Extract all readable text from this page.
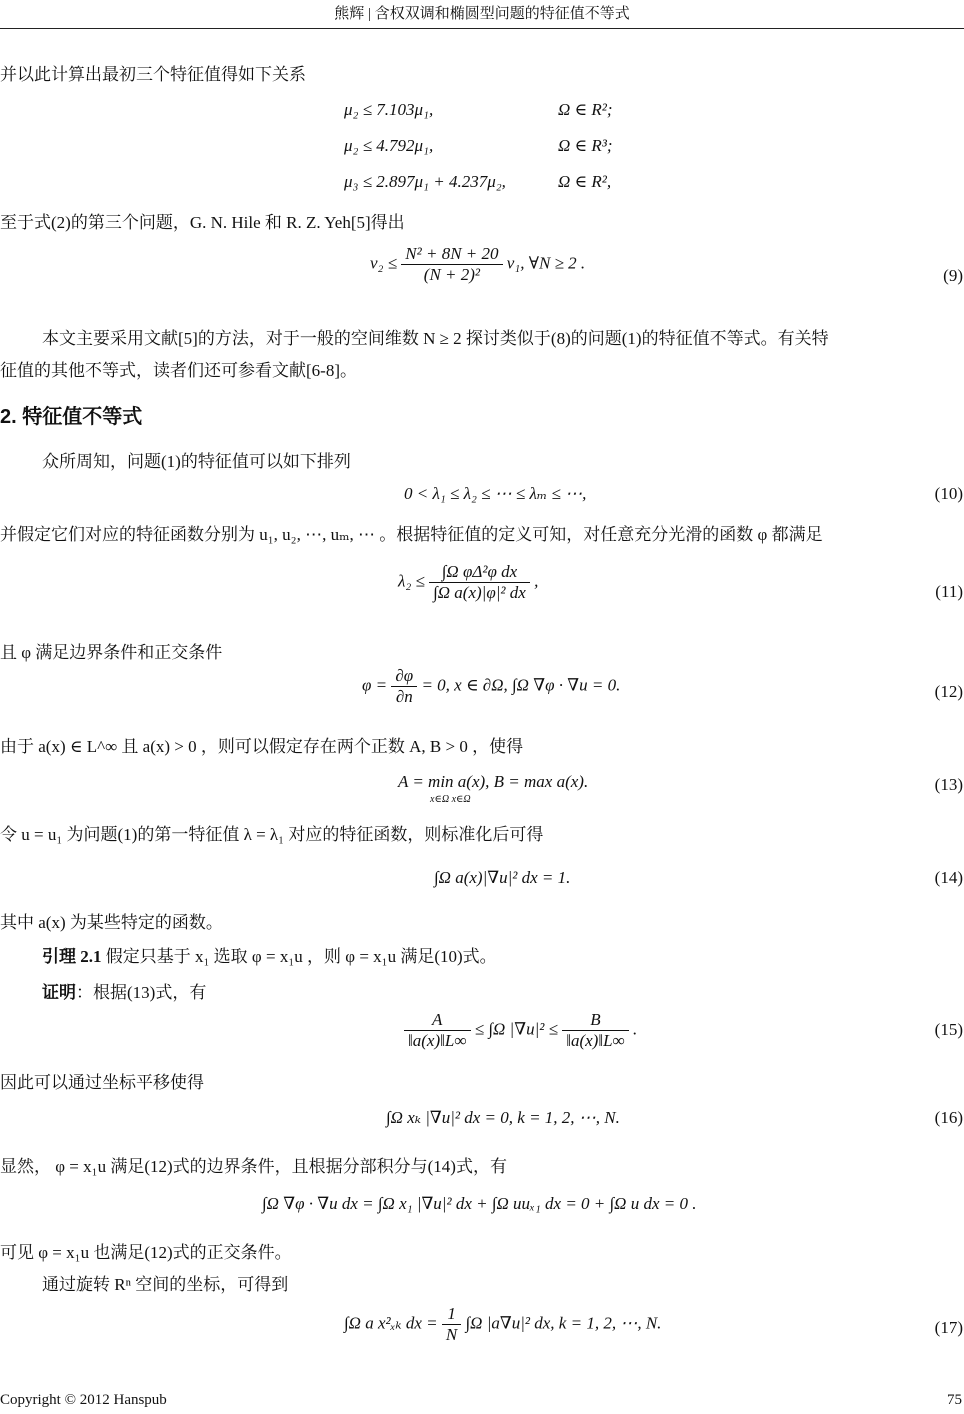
熊辉 | 含权双调和椭圆型问题的特征值不等式
并以此计算出最初三个特征值得如下关系
μ₂ ≤ 7.103μ₁,	Ω ∈ R²;
μ₂ ≤ 4.792μ₁,	Ω ∈ R³;
μ₃ ≤ 2.897μ₁ + 4.237μ₂,	Ω ∈ R²,
至于式(2)的第三个问题，G. N. Hile 和 R. Z. Yeh[5]得出
$v_2 \le \frac{\text{N² + 8N + 20}}{\text{(N + 2)²}} v_1$, ∀N ≥ 2 .
(9)
本文主要采用文献[5]的方法，对于一般的空间维数 N ≥ 2 探讨类似于(8)的问题(1)的特征值不等式。有关特
征值的其他不等式，读者们还可参看文献[6-8]。
2. 特征值不等式
众所周知，问题(1)的特征值可以如下排列
0 < λ₁ ≤ λ₂ ≤ ⋯ ≤ λₘ ≤ ⋯,	(10)
并假定它们对应的特征函数分别为 u₁, u₂, ⋯, uₘ, ⋯ 。根据特征值的定义可知，对任意充分光滑的函数 φ 都满足
$\lambda_2 \le \frac{\text{∫Ω φΔ²φ dx}}{\text{∫Ω a(x)|φ|² dx}}$ ,
(11)
且 φ 满足边界条件和正交条件
$\varphi = \frac{\partial\varphi}{\partial n} = 0$, x ∈ ∂Ω, ∫Ω ∇φ · ∇u = 0.	(12)
由于 a(x) ∈ L^∞ 且 a(x) > 0 ，则可以假定存在两个正数 A, B > 0 ，使得
A = min a(x), B = max a(x).
x∈Ω x∈Ω
(13)
令 u = u₁ 为问题(1)的第一特征值 λ = λ₁ 对应的特征函数，则标准化后可得
∫Ω a(x)|∇u|² dx = 1.	(14)
其中 a(x) 为某些特定的函数。
引理 2.1 假定只基于 x₁ 选取 φ = x₁u ，则 φ = x₁u 满足(10)式。
证明：根据(13)式，有
$\frac{A}{‖a(x)‖L\infty} \le \int\Omega$ $|\nabla u|^2 \le \frac{B}{‖a(x)‖L\infty}$ .	(15)
因此可以通过坐标平移使得
∫Ω xₖ |∇u|² dx = 0, k = 1, 2, ⋯, N.	(16)
显然， φ = x₁u 满足(12)式的边界条件，且根据分部积分与(14)式，有
∫Ω ∇φ · ∇u dx = ∫Ω x₁ |∇u|² dx + ∫Ω uuₓ₁ dx = 0 + ∫Ω u dx = 0 .
可见 φ = x₁u 也满足(12)式的正交条件。
通过旋转 Rⁿ 空间的坐标，可得到
∫Ω a x²ₓₖ dx = $\frac{1}{N} \int\Omega$ |a∇u|² dx, k = 1, 2, ⋯, N.	(17)
Copyright © 2012 Hanspub	75
